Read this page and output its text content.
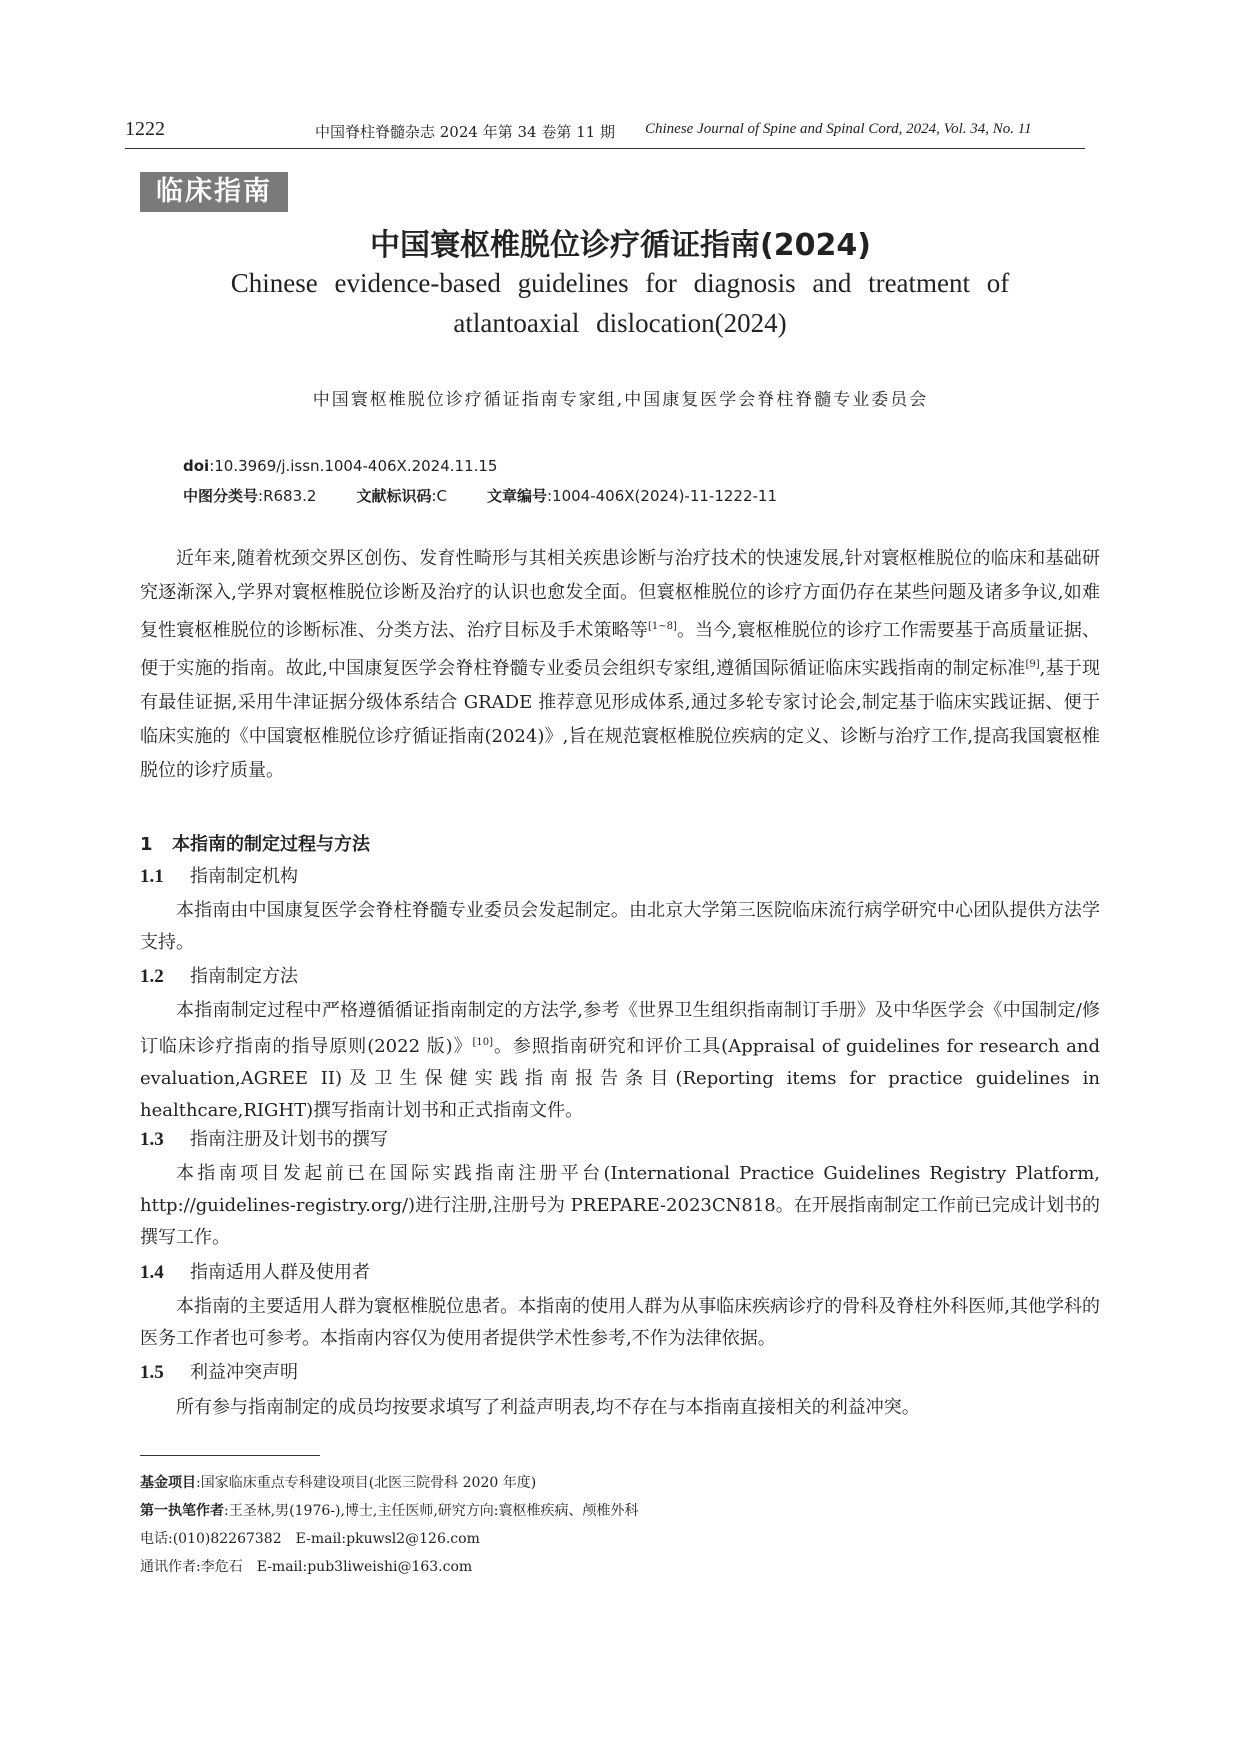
1222	中国脊柱脊髓杂志 2024 年第 34 卷第 11 期 Chinese Journal of Spine and Spinal Cord, 2024, Vol. 34, No. 11
临床指南
中国寰枢椎脱位诊疗循证指南(2024)
Chinese evidence-based guidelines for diagnosis and treatment of
atlantoaxial dislocation(2024)
中国寰枢椎脱位诊疗循证指南专家组,中国康复医学会脊柱脊髓专业委员会
doi:10.3969/j.issn.1004-406X.2024.11.15
中图分类号:R683.2	文献标识码:C	文章编号:1004-406X(2024)-11-1222-11
近年来,随着枕颈交界区创伤、发育性畸形与其相关疾患诊断与治疗技术的快速发展,针对寰枢椎脱位的临床和基础研究逐渐深入,学界对寰枢椎脱位诊断及治疗的认识也愈发全面。但寰枢椎脱位的诊疗方面仍存在某些问题及诸多争议,如难复性寰枢椎脱位的诊断标准、分类方法、治疗目标及手术策略等[1~8]。当今,寰枢椎脱位的诊疗工作需要基于高质量证据、便于实施的指南。故此,中国康复医学会脊柱脊髓专业委员会组织专家组,遵循国际循证临床实践指南的制定标准[9],基于现有最佳证据,采用牛津证据分级体系结合 GRADE 推荐意见形成体系,通过多轮专家讨论会,制定基于临床实践证据、便于临床实施的《中国寰枢椎脱位诊疗循证指南(2024)》,旨在规范寰枢椎脱位疾病的定义、诊断与治疗工作,提高我国寰枢椎脱位的诊疗质量。
1 本指南的制定过程与方法
1.1 指南制定机构
本指南由中国康复医学会脊柱脊髓专业委员会发起制定。由北京大学第三医院临床流行病学研究中心团队提供方法学支持。
1.2 指南制定方法
本指南制定过程中严格遵循循证指南制定的方法学,参考《世界卫生组织指南制订手册》及中华医学会《中国制定/修订临床诊疗指南的指导原则(2022 版)》[10]。参照指南研究和评价工具(Appraisal of guidelines for research and evaluation,AGREE II)及卫生保健实践指南报告条目(Reporting items for practice guidelines in healthcare,RIGHT)撰写指南计划书和正式指南文件。
1.3 指南注册及计划书的撰写
本指南项目发起前已在国际实践指南注册平台(International Practice Guidelines Registry Platform, http://guidelines-registry.org/)进行注册,注册号为 PREPARE-2023CN818。在开展指南制定工作前已完成计划书的撰写工作。
1.4 指南适用人群及使用者
本指南的主要适用人群为寰枢椎脱位患者。本指南的使用人群为从事临床疾病诊疗的骨科及脊柱外科医师,其他学科的医务工作者也可参考。本指南内容仅为使用者提供学术性参考,不作为法律依据。
1.5 利益冲突声明
所有参与指南制定的成员均按要求填写了利益声明表,均不存在与本指南直接相关的利益冲突。
基金项目:国家临床重点专科建设项目(北医三院骨科 2020 年度)
第一执笔作者:王圣林,男(1976-),博士,主任医师,研究方向:寰枢椎疾病、颅椎外科
电话:(010)82267382　E-mail:pkuwsl2@126.com
通讯作者:李危石　E-mail:pub3liweishi@163.com
